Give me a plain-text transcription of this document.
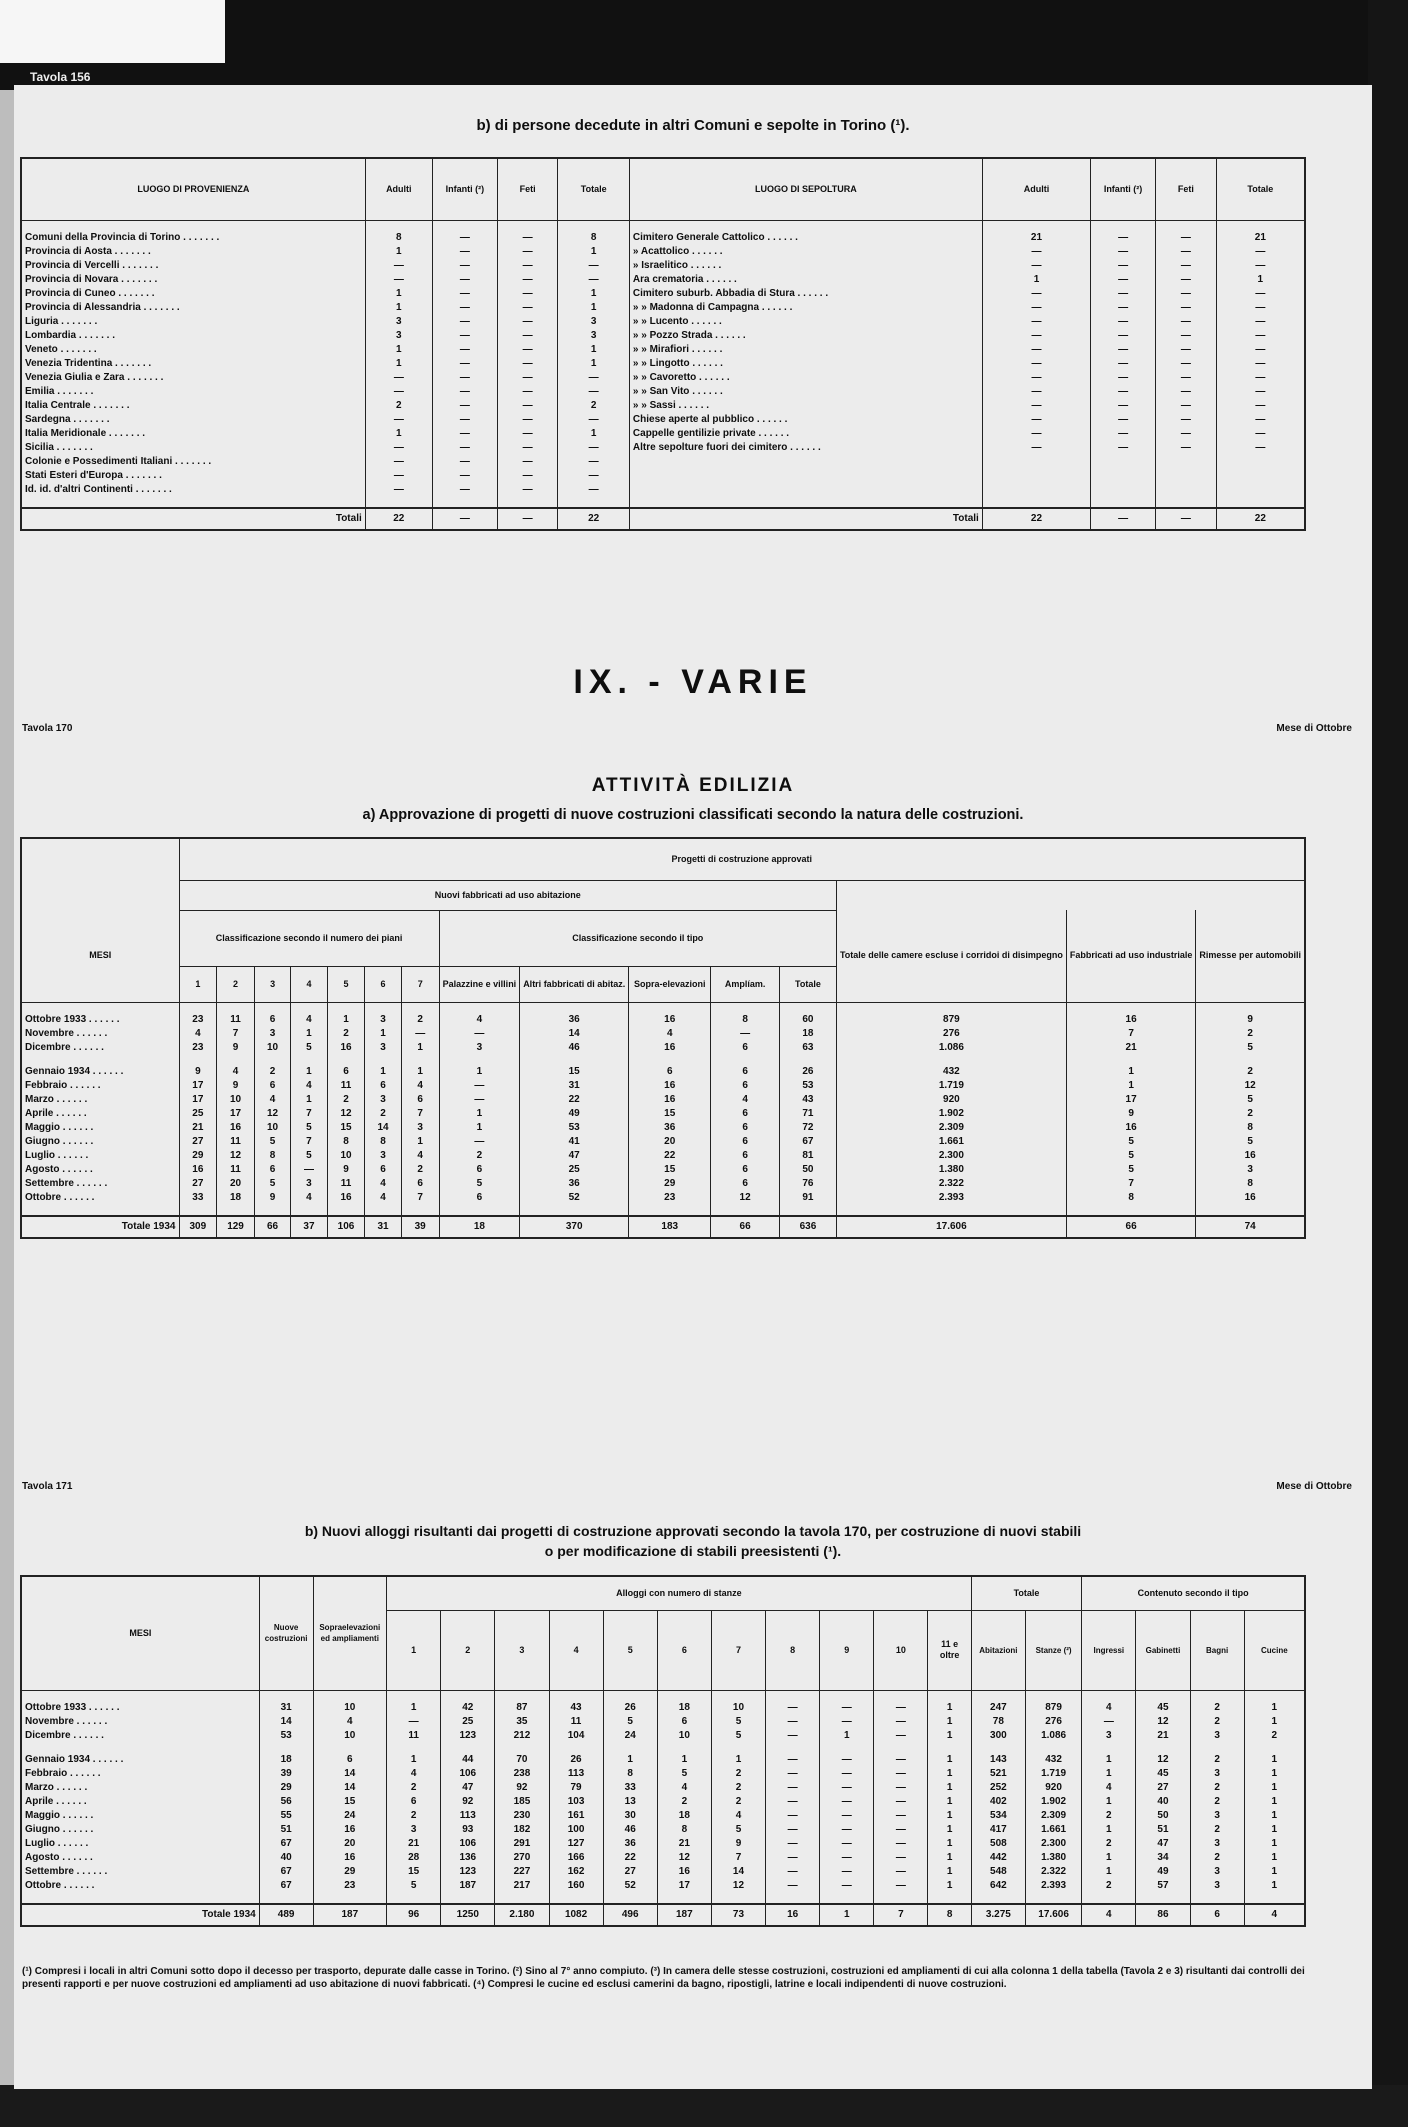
Tavola 156
b) di persone decedute in altri Comuni e sepolte in Torino (¹).
LUOGO DI PROVENIENZA	Adulti	Infanti (²)	Feti	Totale	LUOGO DI SEPOLTURA	Adulti	Infanti (²)	Feti	Totale

Comuni della Provincia di Torino . . . . . . .	8	—	—	8	Cimitero Generale Cattolico . . . . . .	21	—	—	21
Provincia di Aosta . . . . . . .	1	—	—	1	» Acattolico . . . . . .	—	—	—	—
Provincia di Vercelli . . . . . . .	—	—	—	—	» Israelitico . . . . . .	—	—	—	—
Provincia di Novara . . . . . . .	—	—	—	—	Ara crematoria . . . . . .	1	—	—	1
Provincia di Cuneo . . . . . . .	1	—	—	1	Cimitero suburb. Abbadia di Stura . . . . . .	—	—	—	—
Provincia di Alessandria . . . . . . .	1	—	—	1	» » Madonna di Campagna . . . . . .	—	—	—	—
Liguria . . . . . . .	3	—	—	3	» » Lucento . . . . . .	—	—	—	—
Lombardia . . . . . . .	3	—	—	3	» » Pozzo Strada . . . . . .	—	—	—	—
Veneto . . . . . . .	1	—	—	1	» » Mirafiori . . . . . .	—	—	—	—
Venezia Tridentina . . . . . . .	1	—	—	1	» » Lingotto . . . . . .	—	—	—	—
Venezia Giulia e Zara . . . . . . .	—	—	—	—	» » Cavoretto . . . . . .	—	—	—	—
Emilia . . . . . . .	—	—	—	—	» » San Vito . . . . . .	—	—	—	—
Italia Centrale . . . . . . .	2	—	—	2	» » Sassi . . . . . .	—	—	—	—
Sardegna . . . . . . .	—	—	—	—	Chiese aperte al pubblico . . . . . .	—	—	—	—
Italia Meridionale . . . . . . .	1	—	—	1	Cappelle gentilizie private . . . . . .	—	—	—	—
Sicilia . . . . . . .	—	—	—	—	Altre sepolture fuori dei cimitero . . . . . .	—	—	—	—
Colonie e Possedimenti Italiani . . . . . . .	—	—	—	—					
Stati Esteri d'Europa . . . . . . .	—	—	—	—					
Id. id. d'altri Continenti . . . . . . .	—	—	—	—					

Totali	22	—	—	22	Totali	22	—	—	22
IX. - VARIE
Tavola 170	Mese di Ottobre
ATTIVITÀ EDILIZIA
a) Approvazione di progetti di nuove costruzioni classificati secondo la natura delle costruzioni.
	Progetti di costruzione approvati														
	Nuovi fabbricati ad uso abitazione														
MESI	Classificazione secondo il numero dei piani							Classificazione secondo il tipo					Totale delle camere escluse i corridoi di disimpegno	Fabbricati ad uso industriale	Rimesse per automobili
	1	2	3	4	5	6	7	Palazzine e villini	Altri fabbricati di abitaz.	Sopra-elevazioni	Amplíam.	Totale			

Ottobre 1933 . . . . . .	23	11	6	4	1	3	2	4	36	16	8	60	879	16	9
Novembre . . . . . .	4	7	3	1	2	1	—	—	14	4	—	18	276	7	2
Dicembre . . . . . .	23	9	10	5	16	3	1	3	46	16	6	63	1.086	21	5

Gennaio 1934 . . . . . .	9	4	2	1	6	1	1	1	15	6	6	26	432	1	2
Febbraio . . . . . .	17	9	6	4	11	6	4	—	31	16	6	53	1.719	1	12
Marzo . . . . . .	17	10	4	1	2	3	6	—	22	16	4	43	920	17	5
Aprile . . . . . .	25	17	12	7	12	2	7	1	49	15	6	71	1.902	9	2
Maggio . . . . . .	21	16	10	5	15	14	3	1	53	36	6	72	2.309	16	8
Giugno . . . . . .	27	11	5	7	8	8	1	—	41	20	6	67	1.661	5	5
Luglio . . . . . .	29	12	8	5	10	3	4	2	47	22	6	81	2.300	5	16
Agosto . . . . . .	16	11	6	—	9	6	2	6	25	15	6	50	1.380	5	3
Settembre . . . . . .	27	20	5	3	11	4	6	5	36	29	6	76	2.322	7	8
Ottobre . . . . . .	33	18	9	4	16	4	7	6	52	23	12	91	2.393	8	16

Totale 1934	309	129	66	37	106	31	39	18	370	183	66	636	17.606	66	74
Tavola 171	Mese di Ottobre
b) Nuovi alloggi risultanti dai progetti di costruzione approvati secondo la tavola 170, per costruzione di nuovi stabili
o per modificazione di stabili preesistenti (¹).
MESI	Nuove costruzioni	Sopraelevazioni ed ampliamenti	Alloggi con numero di stanze											Totale		Contenuto secondo il tipo			
			1	2	3	4	5	6	7	8	9	10	11 e oltre	Abitazioni	Stanze (²)	Ingressi	Gabinetti	Bagni	Cucine

Ottobre 1933 . . . . . .	31	10	1	42	87	43	26	18	10	—	—	—	1	247	879	4	45	2	1
Novembre . . . . . .	14	4	—	25	35	11	5	6	5	—	—	—	1	78	276	—	12	2	1
Dicembre . . . . . .	53	10	11	123	212	104	24	10	5	—	1	—	1	300	1.086	3	21	3	2

Gennaio 1934 . . . . . .	18	6	1	44	70	26	1	1	1	—	—	—	1	143	432	1	12	2	1
Febbraio . . . . . .	39	14	4	106	238	113	8	5	2	—	—	—	1	521	1.719	1	45	3	1
Marzo . . . . . .	29	14	2	47	92	79	33	4	2	—	—	—	1	252	920	4	27	2	1
Aprile . . . . . .	56	15	6	92	185	103	13	2	2	—	—	—	1	402	1.902	1	40	2	1
Maggio . . . . . .	55	24	2	113	230	161	30	18	4	—	—	—	1	534	2.309	2	50	3	1
Giugno . . . . . .	51	16	3	93	182	100	46	8	5	—	—	—	1	417	1.661	1	51	2	1
Luglio . . . . . .	67	20	21	106	291	127	36	21	9	—	—	—	1	508	2.300	2	47	3	1
Agosto . . . . . .	40	16	28	136	270	166	22	12	7	—	—	—	1	442	1.380	1	34	2	1
Settembre . . . . . .	67	29	15	123	227	162	27	16	14	—	—	—	1	548	2.322	1	49	3	1
Ottobre . . . . . .	67	23	5	187	217	160	52	17	12	—	—	—	1	642	2.393	2	57	3	1

Totale 1934	489	187	96	1250	2.180	1082	496	187	73	16	1	7	8	3.275	17.606	4	86	6	4
(¹) Compresi i locali in altri Comuni sotto dopo il decesso per trasporto, depurate dalle casse in Torino. (²) Sino al 7° anno compiuto. (³) In camera delle stesse costruzioni, costruzioni ed ampliamenti di cui alla colonna 1 della tabella (Tavola 2 e 3) risultanti dai controlli dei presenti rapporti e per nuove costruzioni ed ampliamenti ad uso abitazione di nuovi fabbricati. (⁴) Compresi le cucine ed esclusi camerini da bagno, ripostigli, latrine e locali indipendenti di nuove costruzioni.
